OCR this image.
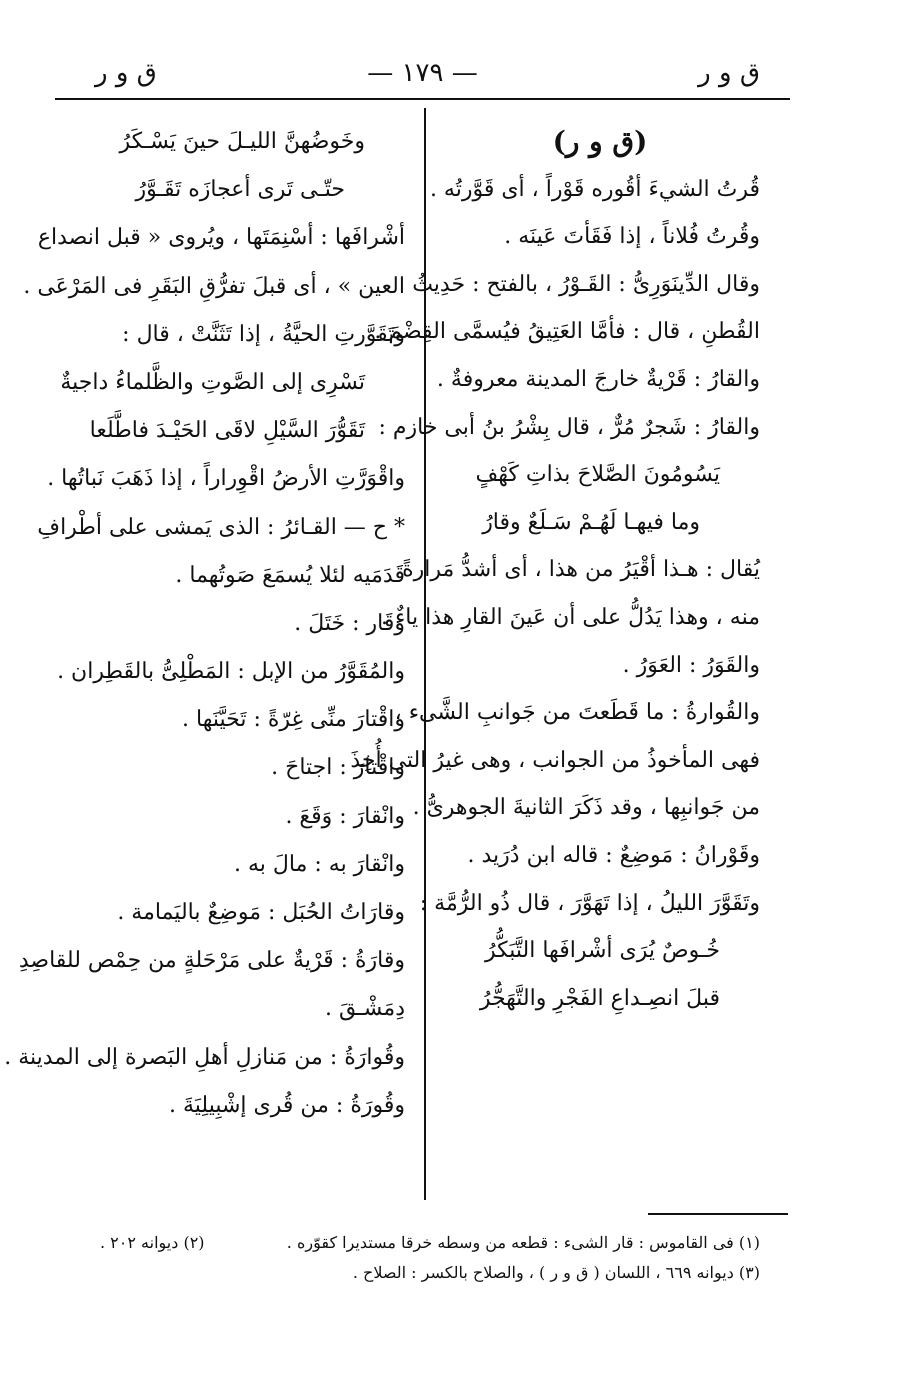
ق و ر
— ١٧٩ —
ق و ر
(ق و ر)
قُرتُ الشيءَ أقُوره قَوْراً ، أى قَوَّرتُه .
وقُرتُ فُلاناً ، إذا فَقَأتَ عَينَه .
وقال الدِّينَوَرِىُّ : القَـوْرُ ، بالفتح : حَدِيثُ
القُطنِ ، قال : فأمَّا العَتِيقُ فيُسمَّى القِضْمَ .
والقارُ : قَرْيةٌ خارجَ المدينة معروفةٌ .
والقارُ : شَجرٌ مُرٌّ ، قال بِشْرُ بنُ أبى خازم :
يَسُومُونَ الصَّلاحَ بذاتِ كَهْفٍ
وما فيهـا لَهُـمْ سَـلَعٌ وقارُ
يُقال : هـذا أقْيَرُ من هذا ، أى أشدُّ مَرارةً
منه ، وهذا يَدُلُّ على أن عَينَ القارِ هذا ياءٌ .
والقَوَرُ : العَوَرُ .
والقُوارةُ : ما قَطَعتَ من جَوانبِ الشَّىء ،
فهى المأخوذُ من الجوانب ، وهى غيرُ التى أُخِذَ
من جَوانبِها ، وقد ذَكَرَ الثانيةَ الجوهرىُّ .
وقَوْرانُ : مَوضِعٌ : قاله ابن دُرَيد .
وتَقَوَّرَ الليلُ ، إذا تَهَوَّرَ ، قال ذُو الرُّمَّة :
خُـوصٌ يُرَى أشْرافَها التَّبَكُّرُ
قبلَ انصِـداعِ الفَجْرِ والتَّهَجُّرُ
وخَوضُهنَّ الليـلَ حينَ يَسْـكَرُ
حتّـى تَرى أعجازَه تَقَـوَّرُ
أشْرافَها : أسْنِمَتَها ، ويُروى « قبل انصداع
العين » ، أى قبلَ تفرُّقِ البَقَرِ فى المَرْعَى .
وتَقَوَّرتِ الحيَّةُ ، إذا تَثَنَّتْ ، قال :
تَسْرِى إلى الصَّوتِ والظَّلماءُ داجيةٌ
تَقَوُّرَ السَّيْلِ لاقَى الحَيْـدَ فاطَّلَعا
واقْوَرَّتِ الأرضُ اقْوِراراً ، إذا ذَهَبَ نَباتُها .
* ح — القـائرُ : الذى يَمشى على أطْرافِ
قَدَمَيه لئلا يُسمَعَ صَوتُهما .
وقَار : خَتَلَ .
والمُقَوَّرُ من الإبل : المَطْلِىُّ بالقَطِران .
واقْتارَ منِّى غِرّةً : تَحَيَّنَها .
واقْتارَ : اجتاحَ .
وانْقارَ : وَقَعَ .
وانْقارَ به : مالَ به .
وقارَاتُ الحُبَل : مَوضِعٌ باليَمامة .
وقارَةُ : قَرْيةٌ على مَرْحَلةٍ من حِمْص للقاصِدِ
دِمَشْـقَ .
وقُوارَةُ : من مَنازلِ أهلِ البَصرة إلى المدينة .
وقُورَةُ : من قُرى إشْبِيلِيَةَ .
(١) فى القاموس : قار الشىء : قطعه من وسطه خرقا مستديرا كقوّره .
(٢) ديوانه ٢٠٢ .
(٣) ديوانه ٦٦٩ ، اللسان ( ق و ر ) ، والصلاح بالكسر : الصلاح .
